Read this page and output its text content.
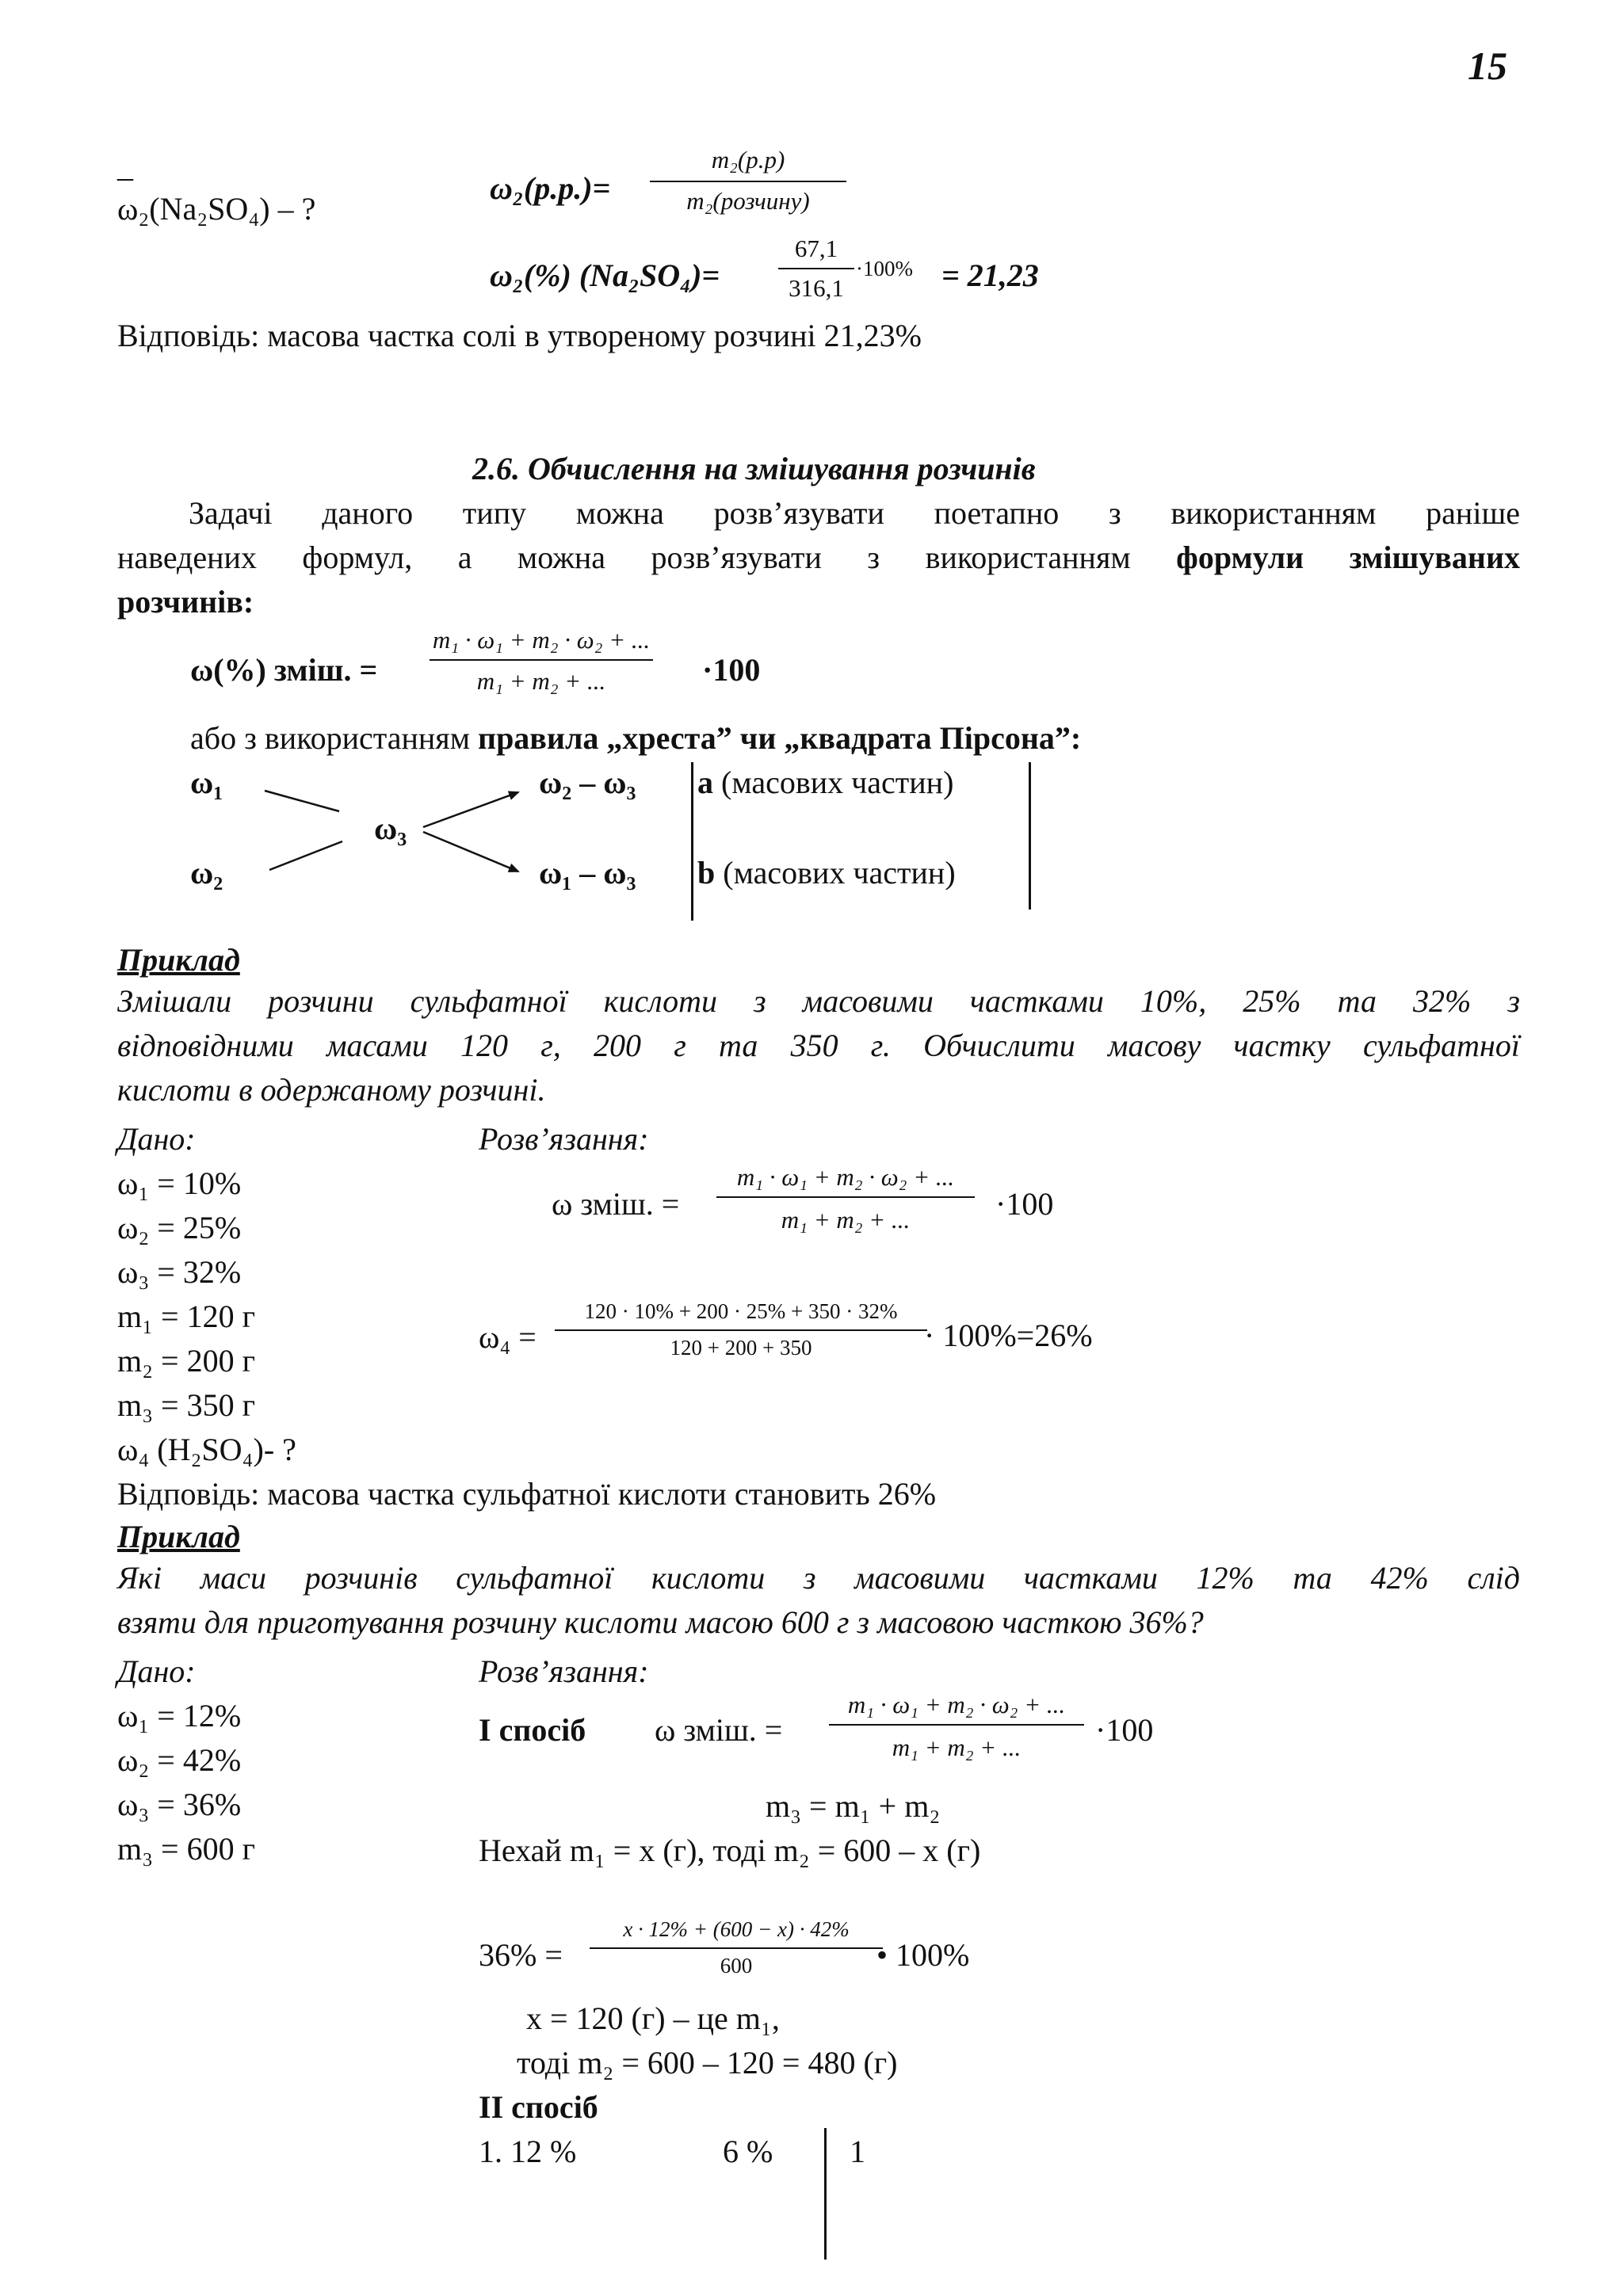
15
_
ω₂(Na₂SO₄) – ?
ω₂(р.р.)=
m₂(p.p)
m₂(розчину)
ω₂(%) (Na₂SO₄)=
67,1
316,1
·100% = 21,23
Відповідь: масова частка солі в утвореному розчині 21,23%
2.6. Обчислення на змішування розчинів
Задачі даного типу можна розв’язувати поетапно з використанням раніше
наведених формул, а можна розв’язувати з використанням формули змішуваних
розчинів:
ω(%) зміш. =
m₁ · ω₁ + m₂ · ω₂ + ...
m₁ + m₂ + ...	·100
або з використанням правила „хреста” чи „квадрата Пірсона”:
ω₁
ω₂
ω₃
ω₂ – ω₃
ω₁ – ω₃
a (масових частин)
b (масових частин)
Приклад
Змішали розчини сульфатної кислоти з масовими частками 10%, 25% та 32% з
відповідними масами 120 г, 200 г та 350 г. Обчислити масову частку сульфатної
кислоти в одержаному розчині.
Дано:	Розв’язання:
ω₁ = 10%
ω₂ = 25%
ω₃ = 32%
m₁ = 120 г
m₂ = 200 г
m₃ = 350 г
ω₄ (H₂SO₄)- ?
ω зміш. =
m₁ · ω₁ + m₂ · ω₂ + ...
m₁ + m₂ + ...	·100
ω₄ =
120 · 10% + 200 · 25% + 350 · 32%
120 + 200 + 350	· 100%=26%
Відповідь: масова частка сульфатної кислоти становить 26%
Приклад
Які маси розчинів сульфатної кислоти з масовими частками 12% та 42% слід
взяти для приготування розчину кислоти масою 600 г з масовою часткою 36%?
Дано:	Розв’язання:
ω₁ = 12%
ω₂ = 42%
ω₃ = 36%
m₃ = 600 г
І спосіб ω зміш. =
m₁ · ω₁ + m₂ · ω₂ + ...
m₁ + m₂ + ...	·100
m₃ = m₁ + m₂
Нехай m₁ = x (г), тоді m₂ = 600 – x (г)
36% =
x · 12% + (600 − x) · 42%
600	• 100%
x = 120 (г) – це m₁,
тоді m₂ = 600 – 120 = 480 (г)
ІІ спосіб
1. 12 %	6 % 1
